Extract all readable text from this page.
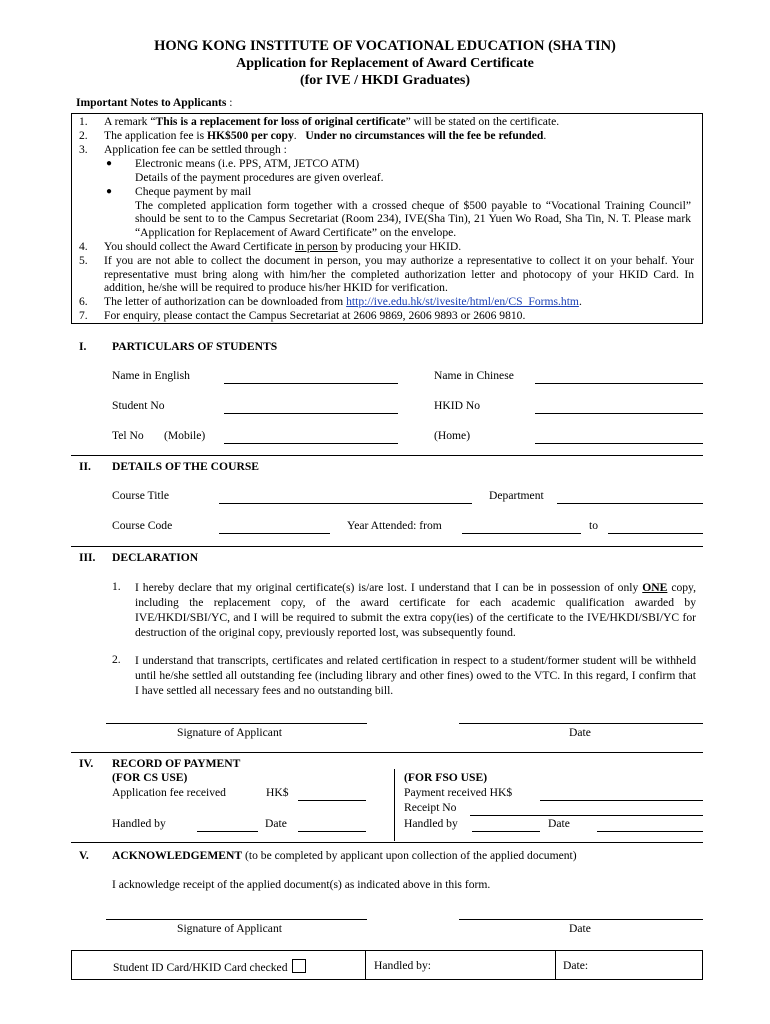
HONG KONG INSTITUTE OF VOCATIONAL EDUCATION (SHA TIN)
Application for Replacement of Award Certificate
(for IVE / HKDI Graduates)
Important Notes to Applicants :
1. A remark “This is a replacement for loss of original certificate” will be stated on the certificate.
2. The application fee is HK$500 per copy.   Under no circumstances will the fee be refunded.
3. Application fee can be settled through :
● Electronic means (i.e. PPS, ATM, JETCO ATM)
Details of the payment procedures are given overleaf.
● Cheque payment by mail
The completed application form together with a crossed cheque of $500 payable to “Vocational Training Council” should be sent to to the Campus Secretariat (Room 234), IVE(Sha Tin), 21 Yuen Wo Road, Sha Tin, N. T. Please mark “Application for Replacement of Award Certificate” on the envelope.
4. You should collect the Award Certificate in person by producing your HKID.
5. If you are not able to collect the document in person, you may authorize a representative to collect it on your behalf. Your representative must bring along with him/her the completed authorization letter and photocopy of your HKID Card. In addition, he/she will be required to produce his/her HKID for verification.
6. The letter of authorization can be downloaded from http://ive.edu.hk/st/ivesite/html/en/CS_Forms.htm.
7. For enquiry, please contact the Campus Secretariat at 2606 9869, 2606 9893 or 2606 9810.
I. PARTICULARS OF STUDENTS
Name in English	Name in Chinese
Student No	HKID No
Tel No (Mobile)	(Home)
II. DETAILS OF THE COURSE
Course Title	Department
Course Code	Year Attended: from	to
III. DECLARATION
1. I hereby declare that my original certificate(s) is/are lost. I understand that I can be in possession of only ONE copy, including the replacement copy, of the award certificate for each academic qualification awarded by IVE/HKDI/SBI/YC, and I will be required to submit the extra copy(ies) of the certificate to the IVE/HKDI/SBI/YC for destruction of the original copy, previously reported lost, was subsequently found.
2. I understand that transcripts, certificates and related certification in respect to a student/former student will be withheld until he/she settled all outstanding fee (including library and other fines) owed to the VTC. In this regard, I confirm that I have settled all necessary fees and no outstanding bill.
Signature of Applicant	Date
IV. RECORD OF PAYMENT
(FOR CS USE)
Application fee received	HK$
Handled by	Date
(FOR FSO USE)
Payment received HK$
Receipt No
Handled by	Date
V. ACKNOWLEDGEMENT (to be completed by applicant upon collection of the applied document)
I acknowledge receipt of the applied document(s) as indicated above in this form.
Signature of Applicant	Date
Student ID Card/HKID Card checked	Handled by:	Date:
